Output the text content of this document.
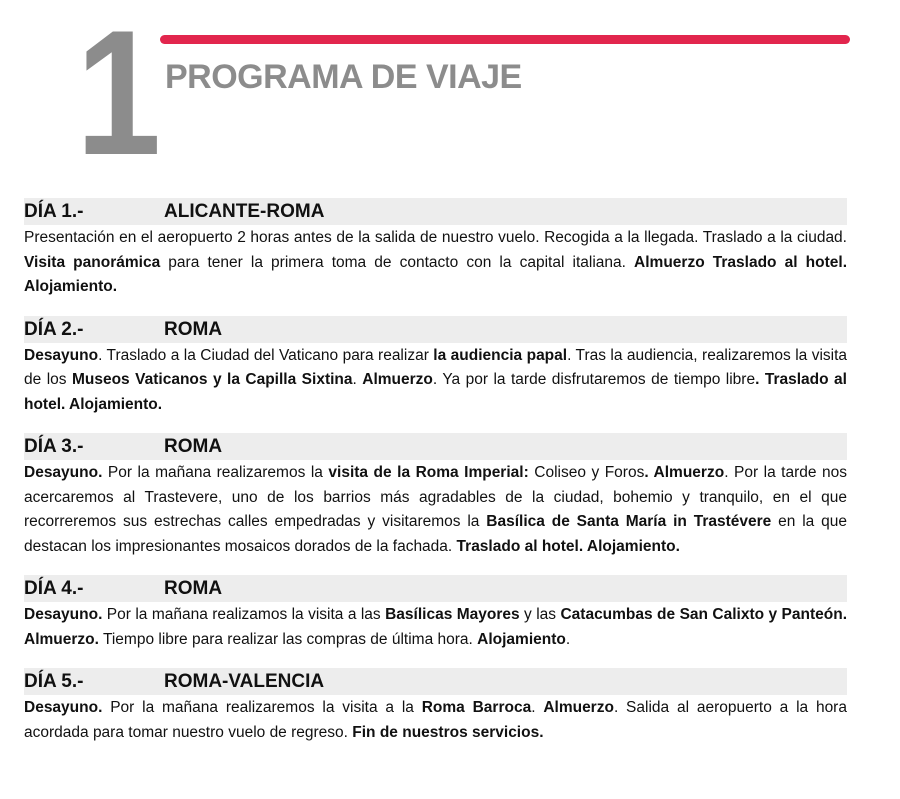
1 PROGRAMA DE VIAJE
DÍA 1.-	ALICANTE-ROMA

Presentación en el aeropuerto 2 horas antes de la salida de nuestro vuelo. Recogida a la llegada. Traslado a la ciudad. Visita panorámica para tener la primera toma de contacto con la capital italiana. Almuerzo Traslado al hotel. Alojamiento.

DÍA 2.-	ROMA

Desayuno. Traslado a la Ciudad del Vaticano para realizar la audiencia papal. Tras la audiencia, realizaremos la visita de los Museos Vaticanos y la Capilla Sixtina. Almuerzo. Ya por la tarde disfrutaremos de tiempo libre. Traslado al hotel. Alojamiento.

DÍA 3.-	ROMA

Desayuno. Por la mañana realizaremos la visita de la Roma Imperial: Coliseo y Foros. Almuerzo. Por la tarde nos acercaremos al Trastevere, uno de los barrios más agradables de la ciudad, bohemio y tranquilo, en el que recorreremos sus estrechas calles empedradas y visitaremos la Basílica de Santa María in Trastévere en la que destacan los impresionantes mosaicos dorados de la fachada. Traslado al hotel. Alojamiento.

DÍA 4.-	ROMA

Desayuno. Por la mañana realizamos la visita a las Basílicas Mayores y las Catacumbas de San Calixto y Panteón. Almuerzo. Tiempo libre para realizar las compras de última hora. Alojamiento.

DÍA 5.-	ROMA-VALENCIA

Desayuno. Por la mañana realizaremos la visita a la Roma Barroca. Almuerzo. Salida al aeropuerto a la hora acordada para tomar nuestro vuelo de regreso. Fin de nuestros servicios.
